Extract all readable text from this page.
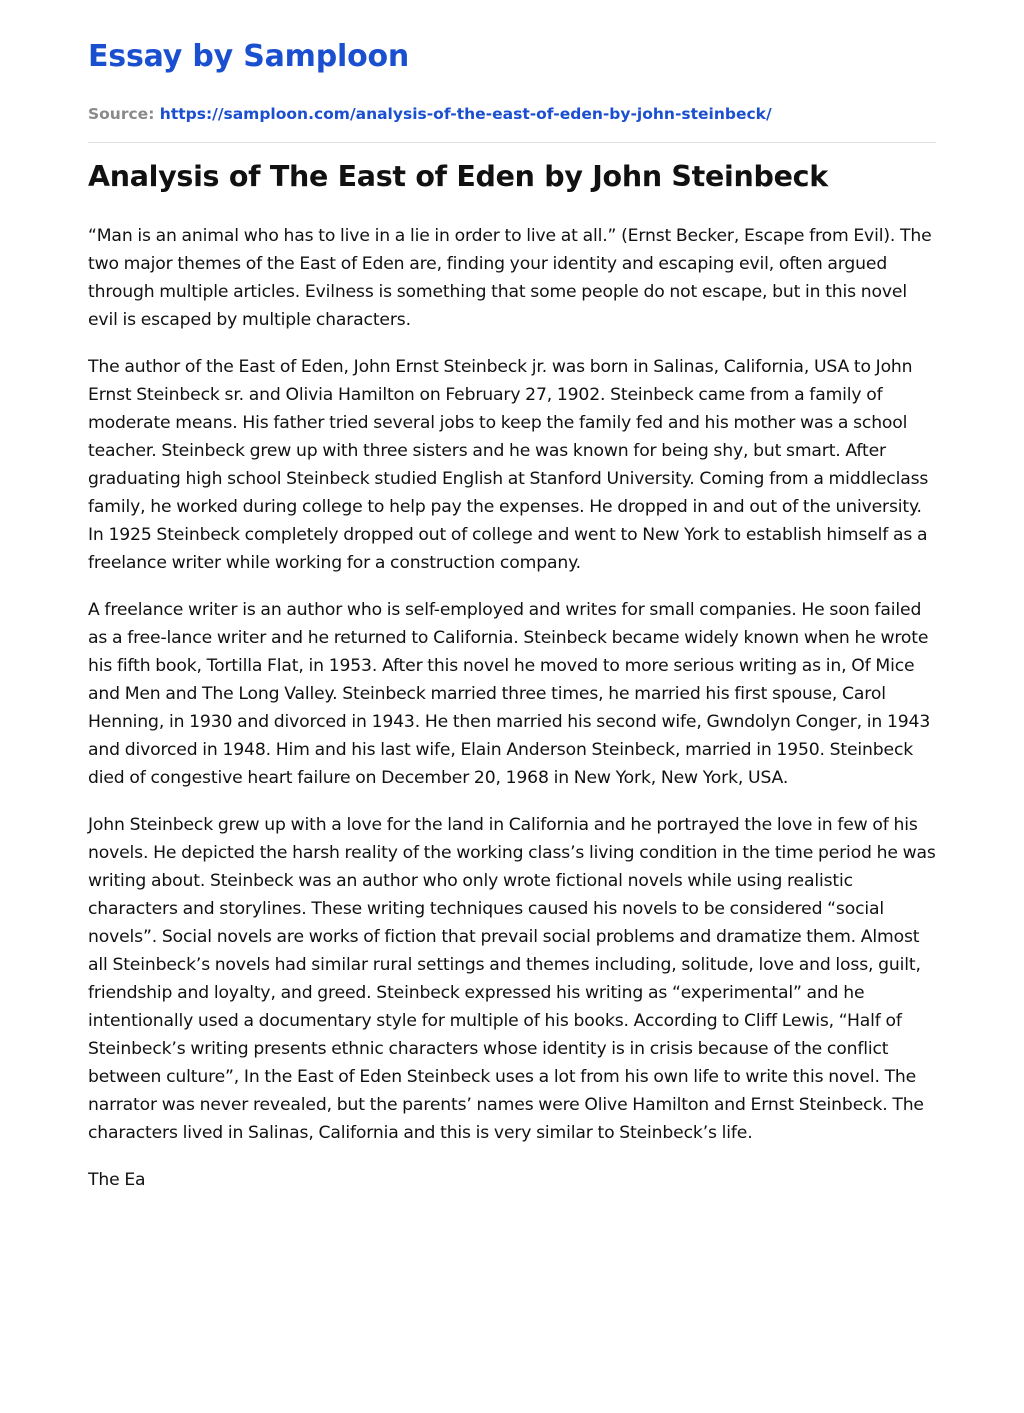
Essay by Samploon
Source: https://samploon.com/analysis-of-the-east-of-eden-by-john-steinbeck/
Analysis of The East of Eden by John Steinbeck

“Man is an animal who has to live in a lie in order to live at all.” (Ernst Becker, Escape from Evil). The two major themes of the East of Eden are, finding your identity and escaping evil, often argued through multiple articles. Evilness is something that some people do not escape, but in this novel evil is escaped by multiple characters.

The author of the East of Eden, John Ernst Steinbeck jr. was born in Salinas, California, USA to John Ernst Steinbeck sr. and Olivia Hamilton on February 27, 1902. Steinbeck came from a family of moderate means. His father tried several jobs to keep the family fed and his mother was a school teacher. Steinbeck grew up with three sisters and he was known for being shy, but smart. After graduating high school Steinbeck studied English at Stanford University. Coming from a middleclass family, he worked during college to help pay the expenses. He dropped in and out of the university. In 1925 Steinbeck completely dropped out of college and went to New York to establish himself as a freelance writer while working for a construction company.

A freelance writer is an author who is self-employed and writes for small companies. He soon failed as a free-lance writer and he returned to California. Steinbeck became widely known when he wrote his fifth book, Tortilla Flat, in 1953. After this novel he moved to more serious writing as in, Of Mice and Men and The Long Valley. Steinbeck married three times, he married his first spouse, Carol Henning, in 1930 and divorced in 1943. He then married his second wife, Gwndolyn Conger, in 1943 and divorced in 1948. Him and his last wife, Elain Anderson Steinbeck, married in 1950. Steinbeck died of congestive heart failure on December 20, 1968 in New York, New York, USA.

John Steinbeck grew up with a love for the land in California and he portrayed the love in few of his novels. He depicted the harsh reality of the working class’s living condition in the time period he was writing about. Steinbeck was an author who only wrote fictional novels while using realistic characters and storylines. These writing techniques caused his novels to be considered “social novels”. Social novels are works of fiction that prevail social problems and dramatize them. Almost all Steinbeck’s novels had similar rural settings and themes including, solitude, love and loss, guilt, friendship and loyalty, and greed. Steinbeck expressed his writing as “experimental” and he intentionally used a documentary style for multiple of his books. According to Cliff Lewis, “Half of Steinbeck’s writing presents ethnic characters whose identity is in crisis because of the conflict between culture”, In the East of Eden Steinbeck uses a lot from his own life to write this novel. The narrator was never revealed, but the parents’ names were Olive Hamilton and Ernst Steinbeck. The characters lived in Salinas, California and this is very similar to Steinbeck’s life.

The Ea
